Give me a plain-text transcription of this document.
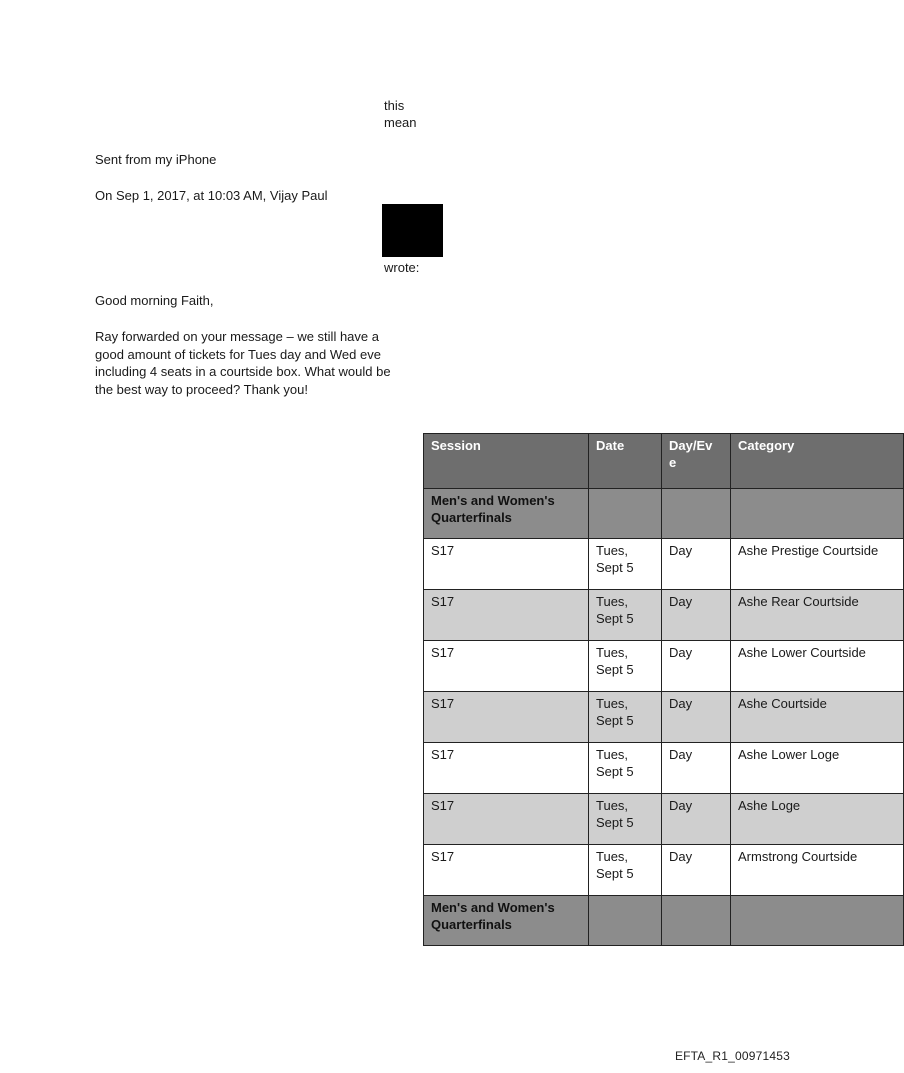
this
mean
Sent from my iPhone
On Sep 1, 2017, at 10:03 AM, Vijay Paul
wrote:
Good morning Faith,
Ray forwarded on your message – we still have a good amount of tickets for Tues day and Wed eve including 4 seats in a courtside box. What would be the best way to proceed? Thank you!
Session	Date	Day/Ev e	Category
Men's and Women's Quarterfinals			
S17	Tues, Sept 5	Day	Ashe Prestige Courtside
S17	Tues, Sept 5	Day	Ashe Rear Courtside
S17	Tues, Sept 5	Day	Ashe Lower Courtside
S17	Tues, Sept 5	Day	Ashe Courtside
S17	Tues, Sept 5	Day	Ashe Lower Loge
S17	Tues, Sept 5	Day	Ashe Loge
S17	Tues, Sept 5	Day	Armstrong Courtside
Men's and Women's Quarterfinals			
EFTA_R1_00971453
